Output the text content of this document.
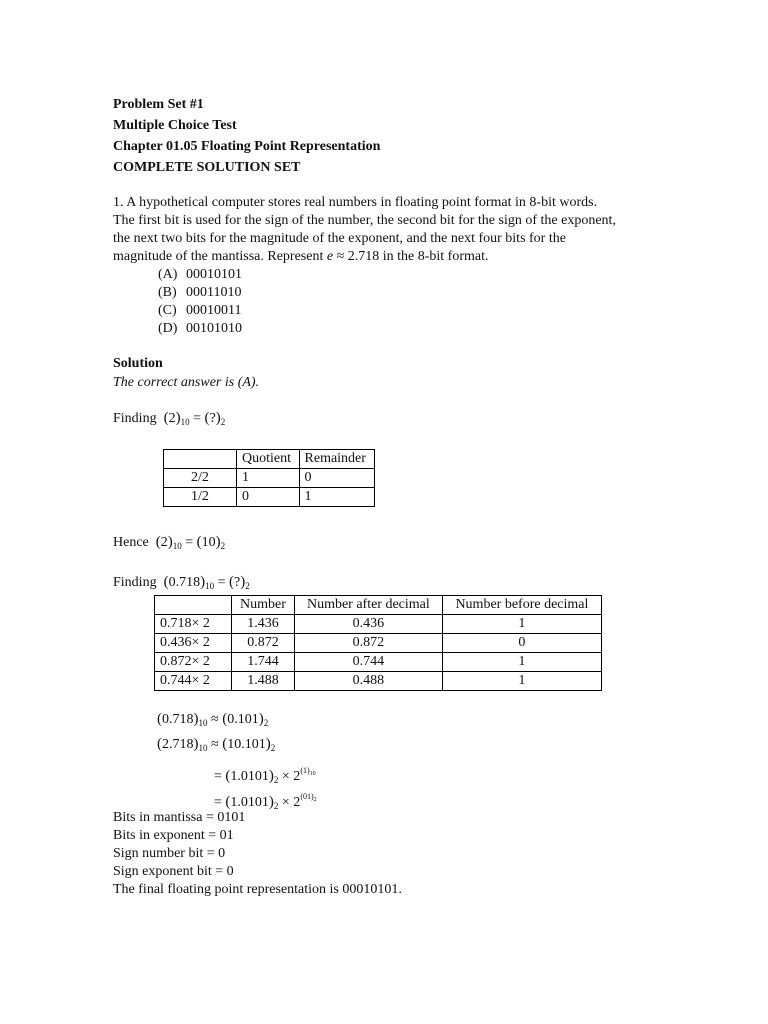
Problem Set #1
Multiple Choice Test
Chapter 01.05 Floating Point Representation
COMPLETE SOLUTION SET
1. A hypothetical computer stores real numbers in floating point format in 8-bit words.
The first bit is used for the sign of the number, the second bit for the sign of the exponent,
the next two bits for the magnitude of the exponent, and the next four bits for the
magnitude of the mantissa. Represent e ≈ 2.718 in the 8-bit format.
(A) 00010101
(B) 00011010
(C) 00010011
(D) 00101010
Solution
The correct answer is (A).
Finding $(2)_{10}$ = $(?)_2$
	Quotient	Remainder
2/2	1	0
1/2	0	1
Hence $(2)_{10} = (10)_2$
Finding $(0.718)_{10}$ = $(?)_2$
	Number	Number after decimal	Number before decimal
0.718× 2	1.436	0.436	1
0.436× 2	0.872	0.872	0
0.872× 2	1.744	0.744	1
0.744× 2	1.488	0.488	1
$(0.718)_{10} \approx (0.101)_2$
$(2.718)_{10} \approx (10.101)_2$
= $(1.0101)_2 \times 2^{(1)_{10}}$
= $(1.0101)_2 \times 2^{(01)_2}$
Bits in mantissa = 0101
Bits in exponent = 01
Sign number bit = 0
Sign exponent bit = 0
The final floating point representation is 00010101.
